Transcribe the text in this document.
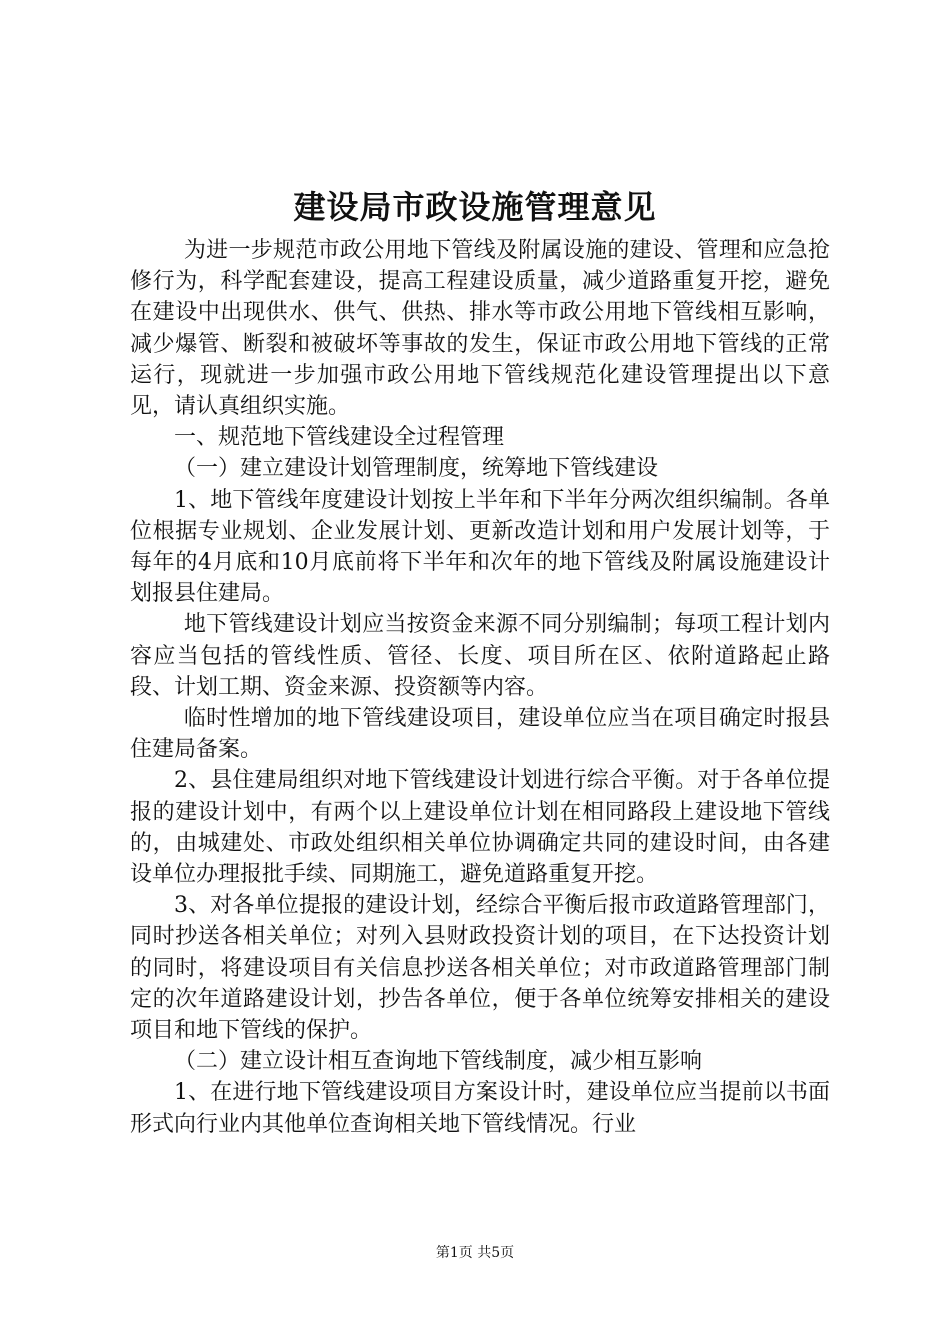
建设局市政设施管理意见

为进一步规范市政公用地下管线及附属设施的建设、管理和应急抢修行为，科学配套建设，提高工程建设质量，减少道路重复开挖，避免在建设中出现供水、供气、供热、排水等市政公用地下管线相互影响，减少爆管、断裂和被破坏等事故的发生，保证市政公用地下管线的正常运行，现就进一步加强市政公用地下管线规范化建设管理提出以下意见，请认真组织实施。

一、规范地下管线建设全过程管理

（一）建立建设计划管理制度，统筹地下管线建设

1、地下管线年度建设计划按上半年和下半年分两次组织编制。各单位根据专业规划、企业发展计划、更新改造计划和用户发展计划等，于每年的4月底和10月底前将下半年和次年的地下管线及附属设施建设计划报县住建局。

地下管线建设计划应当按资金来源不同分别编制；每项工程计划内容应当包括的管线性质、管径、长度、项目所在区、依附道路起止路段、计划工期、资金来源、投资额等内容。

临时性增加的地下管线建设项目，建设单位应当在项目确定时报县住建局备案。

2、县住建局组织对地下管线建设计划进行综合平衡。对于各单位提报的建设计划中，有两个以上建设单位计划在相同路段上建设地下管线的，由城建处、市政处组织相关单位协调确定共同的建设时间，由各建设单位办理报批手续、同期施工，避免道路重复开挖。

3、对各单位提报的建设计划，经综合平衡后报市政道路管理部门，同时抄送各相关单位；对列入县财政投资计划的项目，在下达投资计划的同时，将建设项目有关信息抄送各相关单位；对市政道路管理部门制定的次年道路建设计划，抄告各单位，便于各单位统筹安排相关的建设项目和地下管线的保护。

（二）建立设计相互查询地下管线制度，减少相互影响

1、在进行地下管线建设项目方案设计时，建设单位应当提前以书面形式向行业内其他单位查询相关地下管线情况。行业

第1页 共5页
